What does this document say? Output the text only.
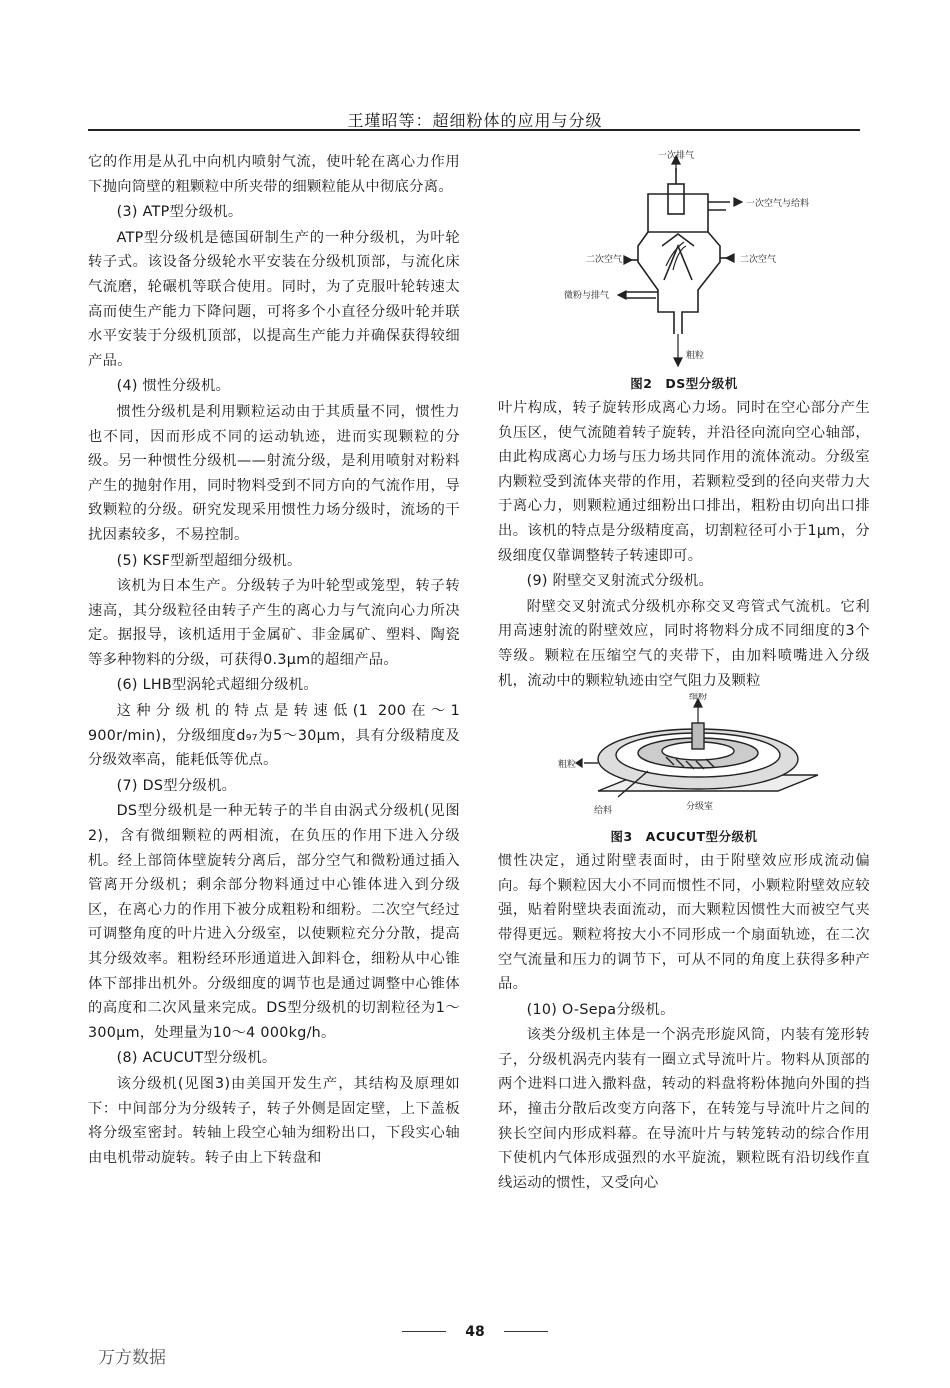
王瑾昭等：超细粉体的应用与分级

它的作用是从孔中向机内喷射气流，使叶轮在离心力作用下抛向筒壁的粗颗粒中所夹带的细颗粒能从中彻底分离。

(3) ATP型分级机。

ATP型分级机是德国研制生产的一种分级机，为叶轮转子式。该设备分级轮水平安装在分级机顶部，与流化床气流磨，轮碾机等联合使用。同时，为了克服叶轮转速太高而使生产能力下降问题，可将多个小直径分级叶轮并联水平安装于分级机顶部，以提高生产能力并确保获得较细产品。

(4) 惯性分级机。

惯性分级机是利用颗粒运动由于其质量不同，惯性力也不同，因而形成不同的运动轨迹，进而实现颗粒的分级。另一种惯性分级机——射流分级，是利用喷射对粉料产生的抛射作用，同时物料受到不同方向的气流作用，导致颗粒的分级。研究发现采用惯性力场分级时，流场的干扰因素较多，不易控制。

(5) KSF型新型超细分级机。

该机为日本生产。分级转子为叶轮型或笼型，转子转速高，其分级粒径由转子产生的离心力与气流向心力所决定。据报导，该机适用于金属矿、非金属矿、塑料、陶瓷等多种物料的分级，可获得0.3μm的超细产品。

(6) LHB型涡轮式超细分级机。

这种分级机的特点是转速低(1 200在～1 900r/min)，分级细度d₉₇为5～30μm，具有分级精度及分级效率高，能耗低等优点。

(7) DS型分级机。

DS型分级机是一种无转子的半自由涡式分级机(见图2)，含有微细颗粒的两相流，在负压的作用下进入分级机。经上部筒体壁旋转分离后，部分空气和微粉通过插入管离开分级机；剩余部分物料通过中心锥体进入到分级区，在离心力的作用下被分成粗粉和细粉。二次空气经过可调整角度的叶片进入分级室，以使颗粒充分分散，提高其分级效率。粗粉经环形通道进入卸料仓，细粉从中心锥体下部排出机外。分级细度的调节也是通过调整中心锥体的高度和二次风量来完成。DS型分级机的切割粒径为1～300μm，处理量为10～4 000kg/h。

(8) ACUCUT型分级机。

该分级机(见图3)由美国开发生产，其结构及原理如下：中间部分为分级转子，转子外侧是固定壁，上下盖板将分级室密封。转轴上段空心轴为细粉出口，下段实心轴由电机带动旋转。转子由上下转盘和

一次排气
一次空气与给料
二次空气	二次空气
微粉与排气
粗粒
图2　DS型分级机

叶片构成，转子旋转形成离心力场。同时在空心部分产生负压区，使气流随着转子旋转，并沿径向流向空心轴部，由此构成离心力场与压力场共同作用的流体流动。分级室内颗粒受到流体夹带的作用，若颗粒受到的径向夹带力大于离心力，则颗粒通过细粉出口排出，粗粉由切向出口排出。该机的特点是分级精度高，切割粒径可小于1μm，分级细度仅靠调整转子转速即可。

(9) 附壁交叉射流式分级机。

附壁交叉射流式分级机亦称交叉弯管式气流机。它利用高速射流的附壁效应，同时将物料分成不同细度的3个等级。颗粒在压缩空气的夹带下，由加料喷嘴进入分级机，流动中的颗粒轨迹由空气阻力及颗粒

细粉
粗粒
给料	分级室
图3　ACUCUT型分级机

惯性决定，通过附壁表面时，由于附壁效应形成流动偏向。每个颗粒因大小不同而惯性不同，小颗粒附壁效应较强，贴着附壁块表面流动，而大颗粒因惯性大而被空气夹带得更远。颗粒将按大小不同形成一个扇面轨迹，在二次空气流量和压力的调节下，可从不同的角度上获得多种产品。

(10) O-Sepa分级机。

该类分级机主体是一个涡壳形旋风筒，内装有笼形转子，分级机涡壳内装有一圈立式导流叶片。物料从顶部的两个进料口进入撒料盘，转动的料盘将粉体抛向外围的挡环，撞击分散后改变方向落下，在转笼与导流叶片之间的狭长空间内形成料幕。在导流叶片与转笼转动的综合作用下使机内气体形成强烈的水平旋流，颗粒既有沿切线作直线运动的惯性，又受向心

48
万方数据
